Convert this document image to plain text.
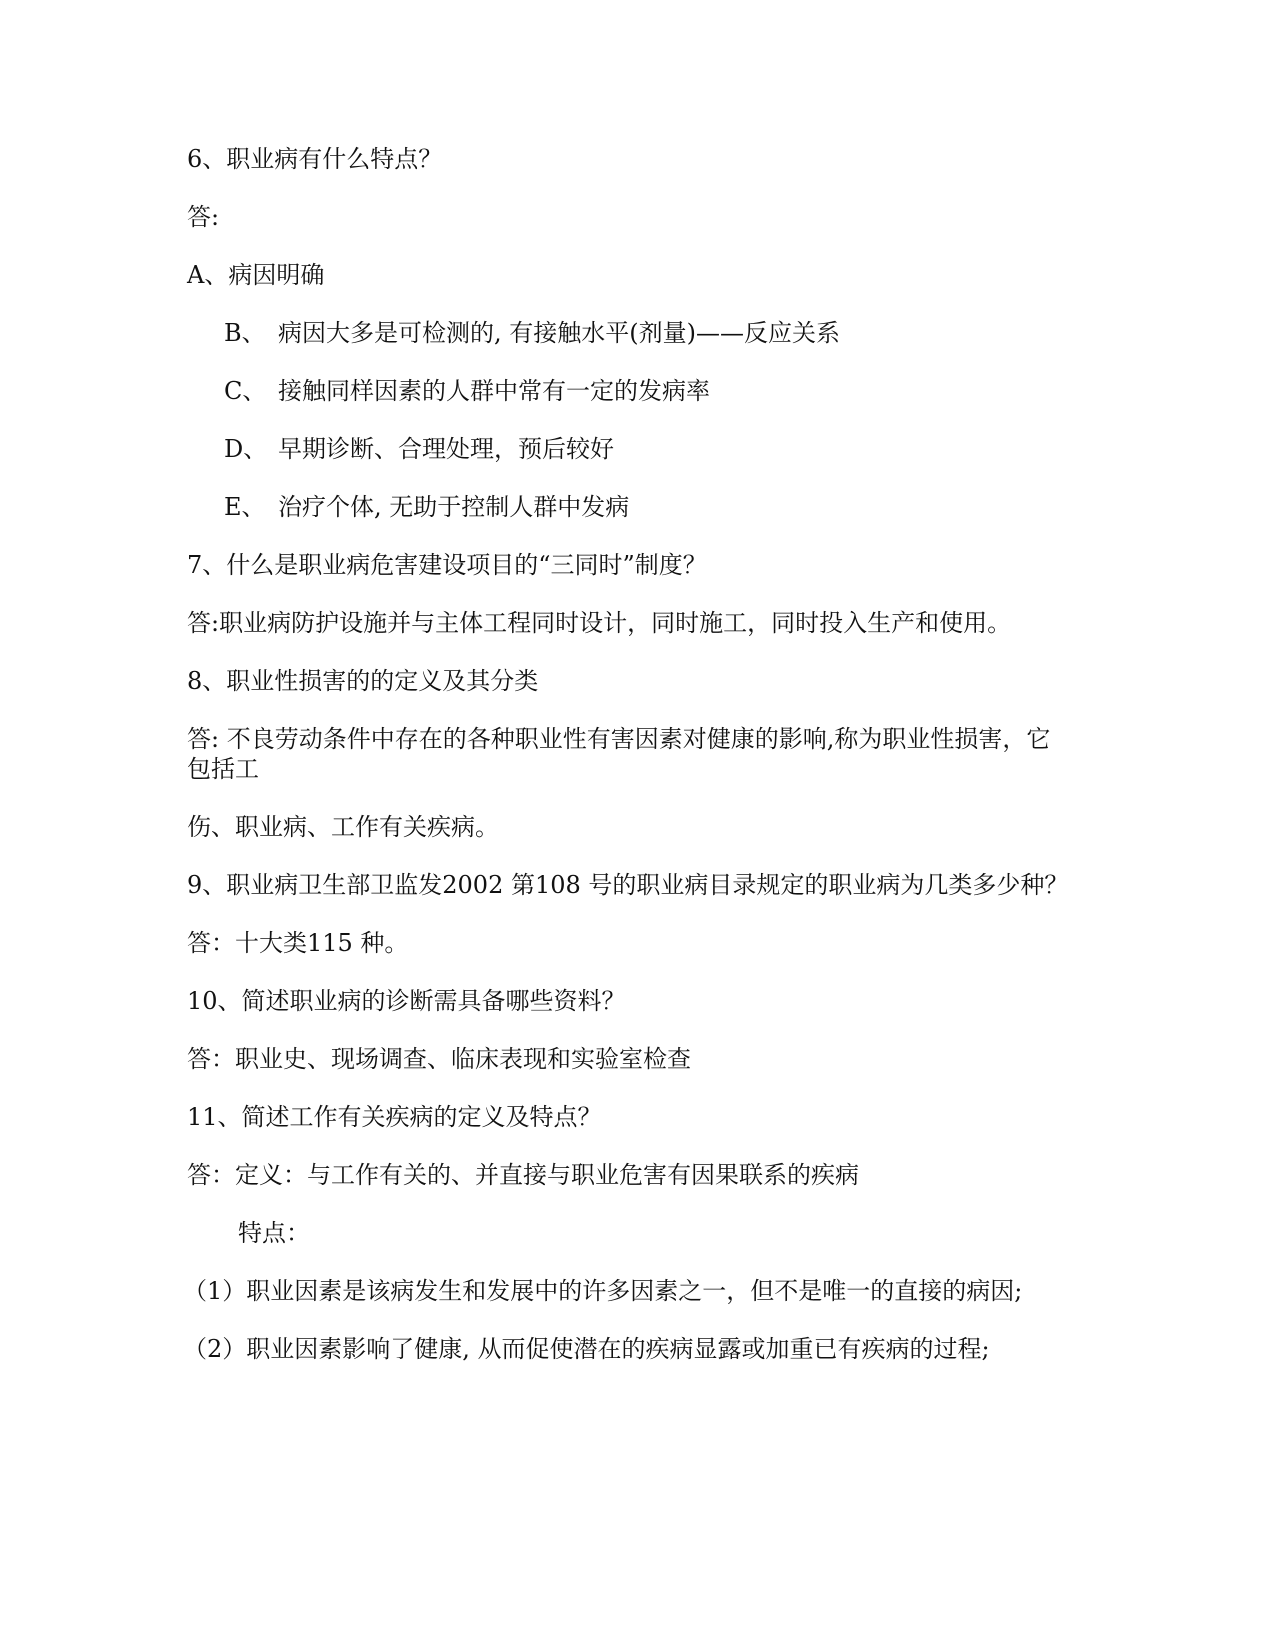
6、职业病有什么特点？
答:
A、病因明确
B、 病因大多是可检测的, 有接触水平(剂量)——反应关系
C、 接触同样因素的人群中常有一定的发病率
D、 早期诊断、合理处理，预后较好
E、 治疗个体, 无助于控制人群中发病
7、什么是职业病危害建设项目的“三同时”制度？
答:职业病防护设施并与主体工程同时设计，同时施工，同时投入生产和使用。
8、职业性损害的的定义及其分类
答: 不良劳动条件中存在的各种职业性有害因素对健康的影响,称为职业性损害，它
包括工
伤、职业病、工作有关疾病。
9、职业病卫生部卫监发2002 第108 号的职业病目录规定的职业病为几类多少种？
答：十大类115 种。
10、简述职业病的诊断需具备哪些资料？
答：职业史、现场调查、临床表现和实验室检查
11、简述工作有关疾病的定义及特点？
答：定义：与工作有关的、并直接与职业危害有因果联系的疾病
特点：
（1）职业因素是该病发生和发展中的许多因素之一，但不是唯一的直接的病因;
（2）职业因素影响了健康, 从而促使潜在的疾病显露或加重已有疾病的过程;
